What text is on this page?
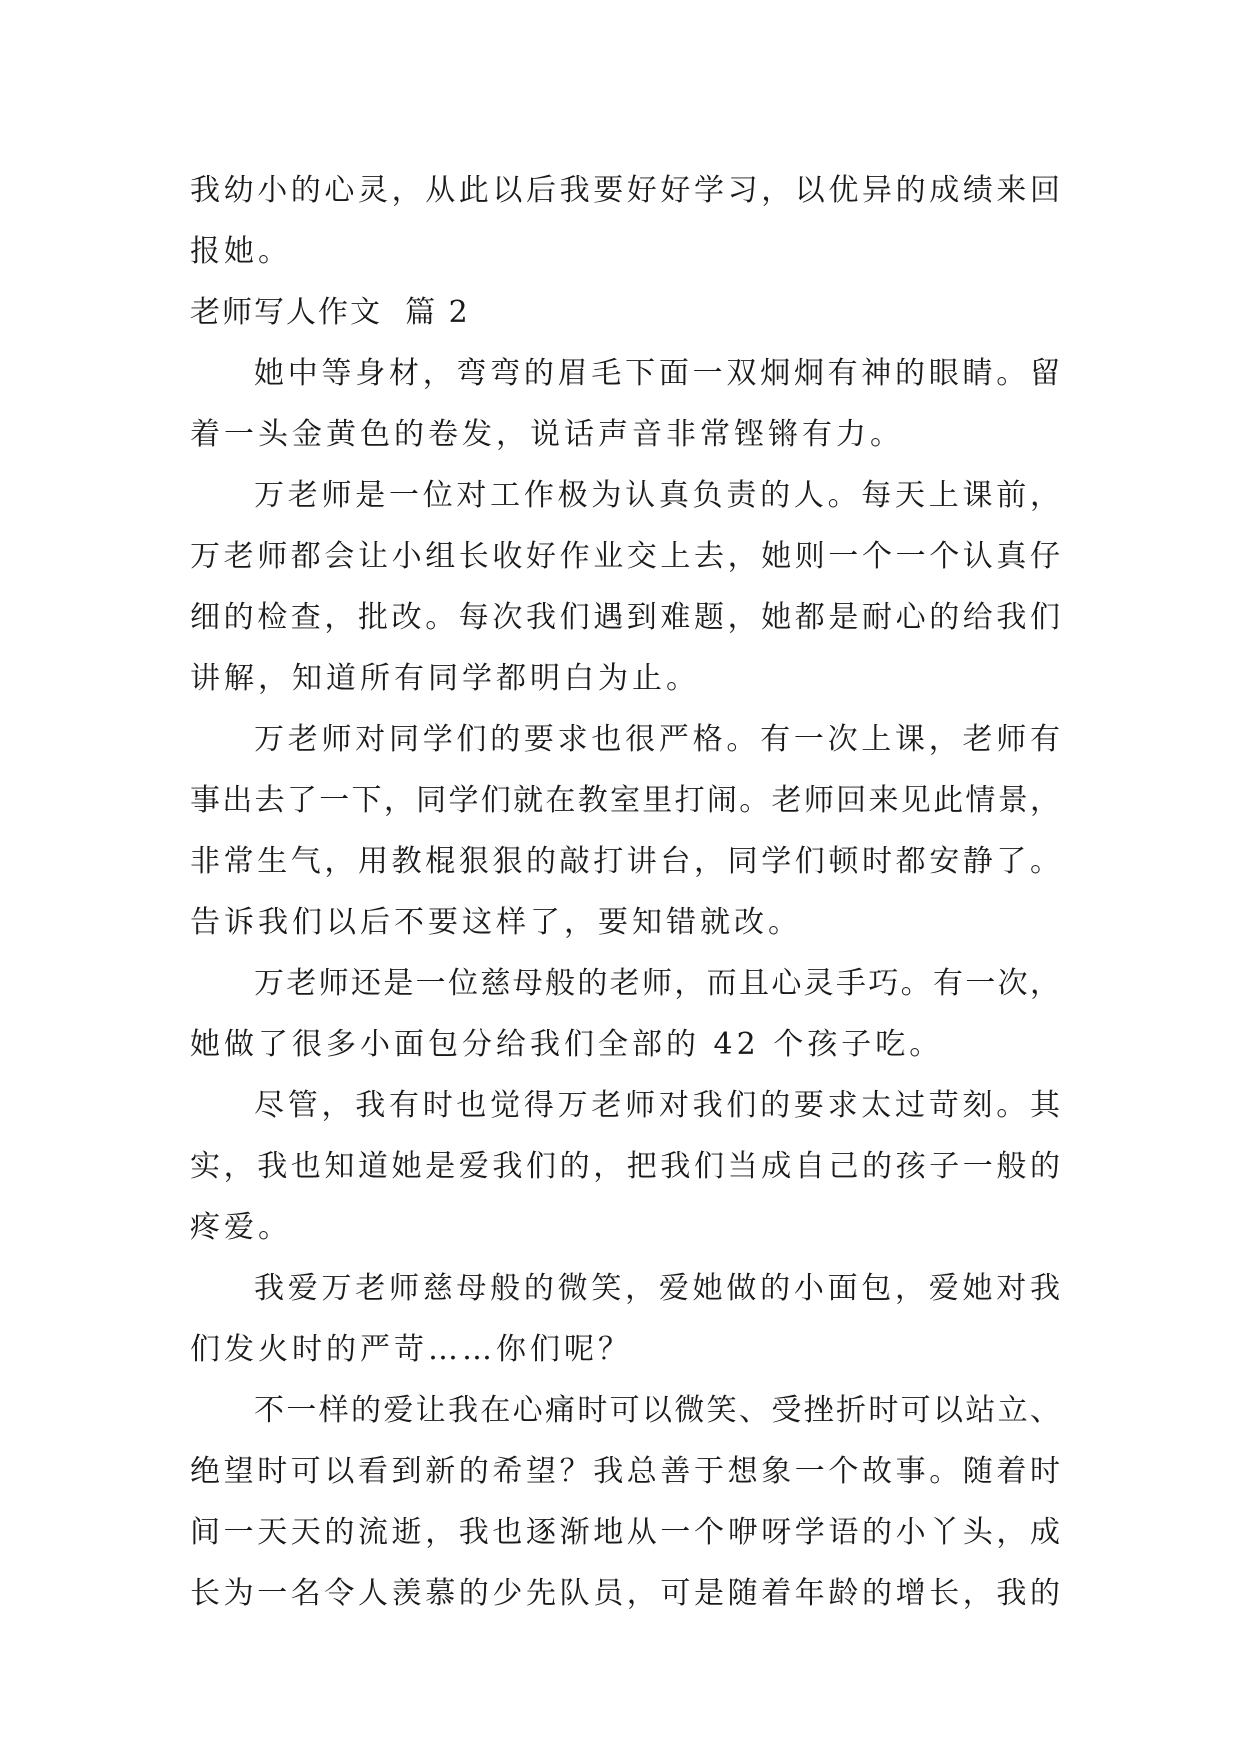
我幼小的心灵，从此以后我要好好学习，以优异的成绩来回
报她。
老师写人作文  篇 2
她中等身材，弯弯的眉毛下面一双炯炯有神的眼睛。留
着一头金黄色的卷发，说话声音非常铿锵有力。
万老师是一位对工作极为认真负责的人。每天上课前，
万老师都会让小组长收好作业交上去，她则一个一个认真仔
细的检查，批改。每次我们遇到难题，她都是耐心的给我们
讲解，知道所有同学都明白为止。
万老师对同学们的要求也很严格。有一次上课，老师有
事出去了一下，同学们就在教室里打闹。老师回来见此情景，
非常生气，用教棍狠狠的敲打讲台，同学们顿时都安静了。
告诉我们以后不要这样了，要知错就改。
万老师还是一位慈母般的老师，而且心灵手巧。有一次，
她做了很多小面包分给我们全部的 42 个孩子吃。
尽管，我有时也觉得万老师对我们的要求太过苛刻。其
实，我也知道她是爱我们的，把我们当成自己的孩子一般的
疼爱。
我爱万老师慈母般的微笑，爱她做的小面包，爱她对我
们发火时的严苛……你们呢？
不一样的爱让我在心痛时可以微笑、受挫折时可以站立、
绝望时可以看到新的希望？我总善于想象一个故事。随着时
间一天天的流逝，我也逐渐地从一个咿呀学语的小丫头，成
长为一名令人羡慕的少先队员，可是随着年龄的增长，我的
